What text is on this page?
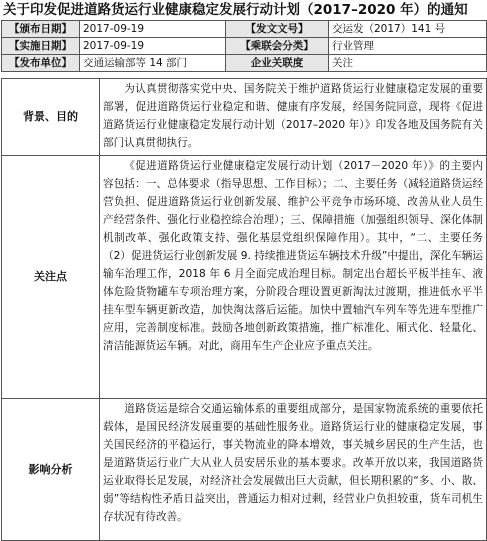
关于印发促进道路货运行业健康稳定发展行动计划（2017–2020 年）的通知
【颁布日期】	2017-09-19	【发文文号】	交运发（2017）141 号
【实施日期】	2017-09-19	【乘联会分类】	行业管理
【发布单位】	交通运输部等 14 部门	企业关联度	关注
背景、目的	为认真贯彻落实党中央、国务院关于维护道路货运行业健康稳定发展的重要部署，促进道路货运行业稳定和谐、健康有序发展，经国务院同意，现将《促进道路货运行业健康稳定发展行动计划（2017–2020 年）》印发各地及国务院有关部门认真贯彻执行。

关注点	《促进道路货运行业健康稳定发展行动计划（2017－2020 年）》的主要内容包括：一、总体要求（指导思想、工作目标）；二、主要任务（减轻道路货运经营负担、促进道路货运行业创新发展、维护公平竞争市场环境、改善从业人员生产经营条件、强化行业稳控综合治理）；三、保障措施（加强组织领导、深化体制机制改革、强化政策支持、强化基层党组织保障作用）。其中，“二、主要任务（2）促进货运行业创新发展 9. 持续推进货运车辆技术升级”中提出，深化车辆运输车治理工作，2018 年 6 月全面完成治理目标。制定出台超长平板半挂车、液体危险货物罐车专项治理方案，分阶段合理设置更新淘汰过渡期，推进低水平半挂车型车辆更新改造，加快淘汰落后运能。加快中置轴汽车列车等先进车型推广应用，完善制度标准。鼓励各地创新政策措施，推广标准化、厢式化、轻量化、清洁能源货运车辆。对此，商用车生产企业应予重点关注。

影响分析	道路货运是综合交通运输体系的重要组成部分，是国家物流系统的重要依托载体，是国民经济发展重要的基础性服务业。道路货运行业的健康稳定发展，事关国民经济的平稳运行，事关物流业的降本增效，事关城乡居民的生产生活，也是道路货运行业广大从业人员安居乐业的基本要求。改革开放以来，我国道路货运业取得长足发展，对经济社会发展做出巨大贡献，但长期积累的“多、小、散、弱”等结构性矛盾日益突出，普通运力相对过剩，经营业户负担较重，货车司机生存状况有待改善。
